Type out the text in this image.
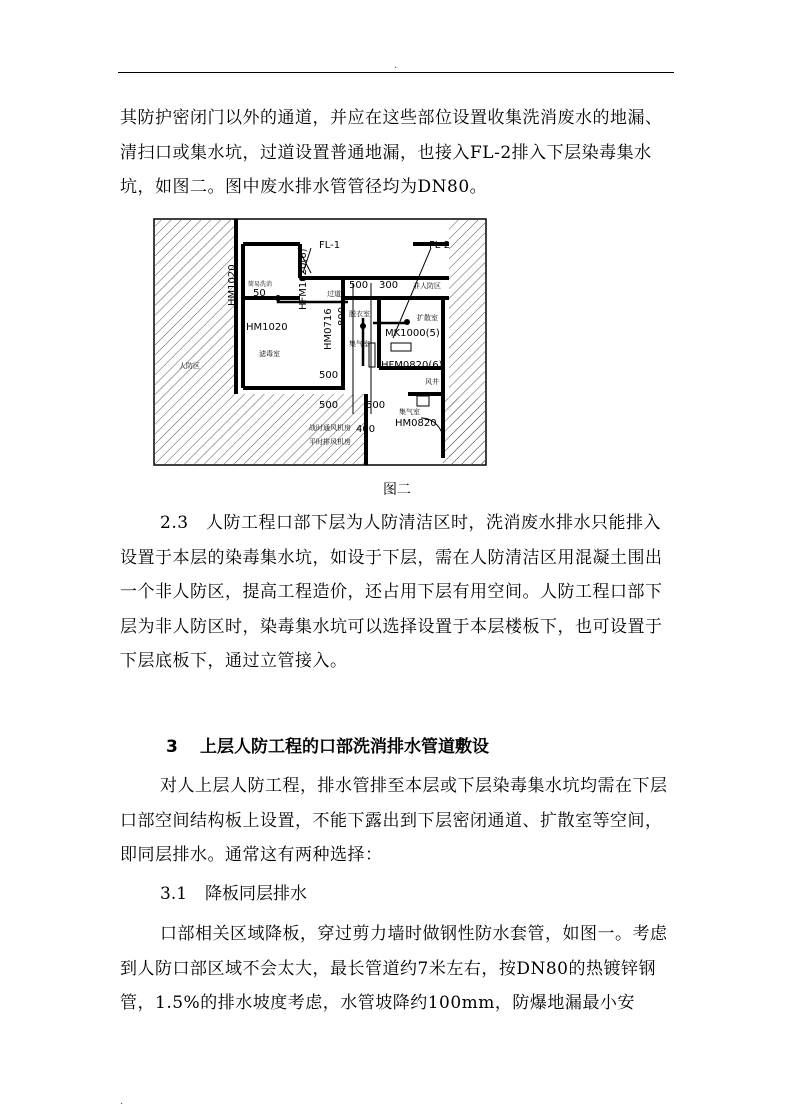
.

其防护密闭门以外的通道，并应在这些部位设置收集洗消废水的地漏、清扫口或集水坑，过道设置普通地漏，也接入FL-2排入下层染毒集水坑，如图二。图中废水排水管管径均为DN80。

FL-1	FL-2
HM1020	HFM1020(6)	500 300
过道
非人防区
简易洗消
50
HM1020	HM0716 800 脱衣室	扩散室
MK1000(5)
人防区
滤毒室
集气室
HFM0820(6)
500
风井
500	500
400
集气室
HM0820
战时通风机房
平时排风机房
图二

2.3　人防工程口部下层为人防清洁区时，洗消废水排水只能排入设置于本层的染毒集水坑，如设于下层，需在人防清洁区用混凝土围出一个非人防区，提高工程造价，还占用下层有用空间。人防工程口部下层为非人防区时，染毒集水坑可以选择设置于本层楼板下，也可设置于下层底板下，通过立管接入。

3 上层人防工程的口部洗消排水管道敷设

对人上层人防工程，排水管排至本层或下层染毒集水坑均需在下层口部空间结构板上设置，不能下露出到下层密闭通道、扩散室等空间，即同层排水。通常这有两种选择：

3.1 降板同层排水

口部相关区域降板，穿过剪力墙时做钢性防水套管，如图一。考虑到人防口部区域不会太大，最长管道约7米左右，按DN80的热镀锌钢管，1.5%的排水坡度考虑，水管坡降约100mm，防爆地漏最小安

.
